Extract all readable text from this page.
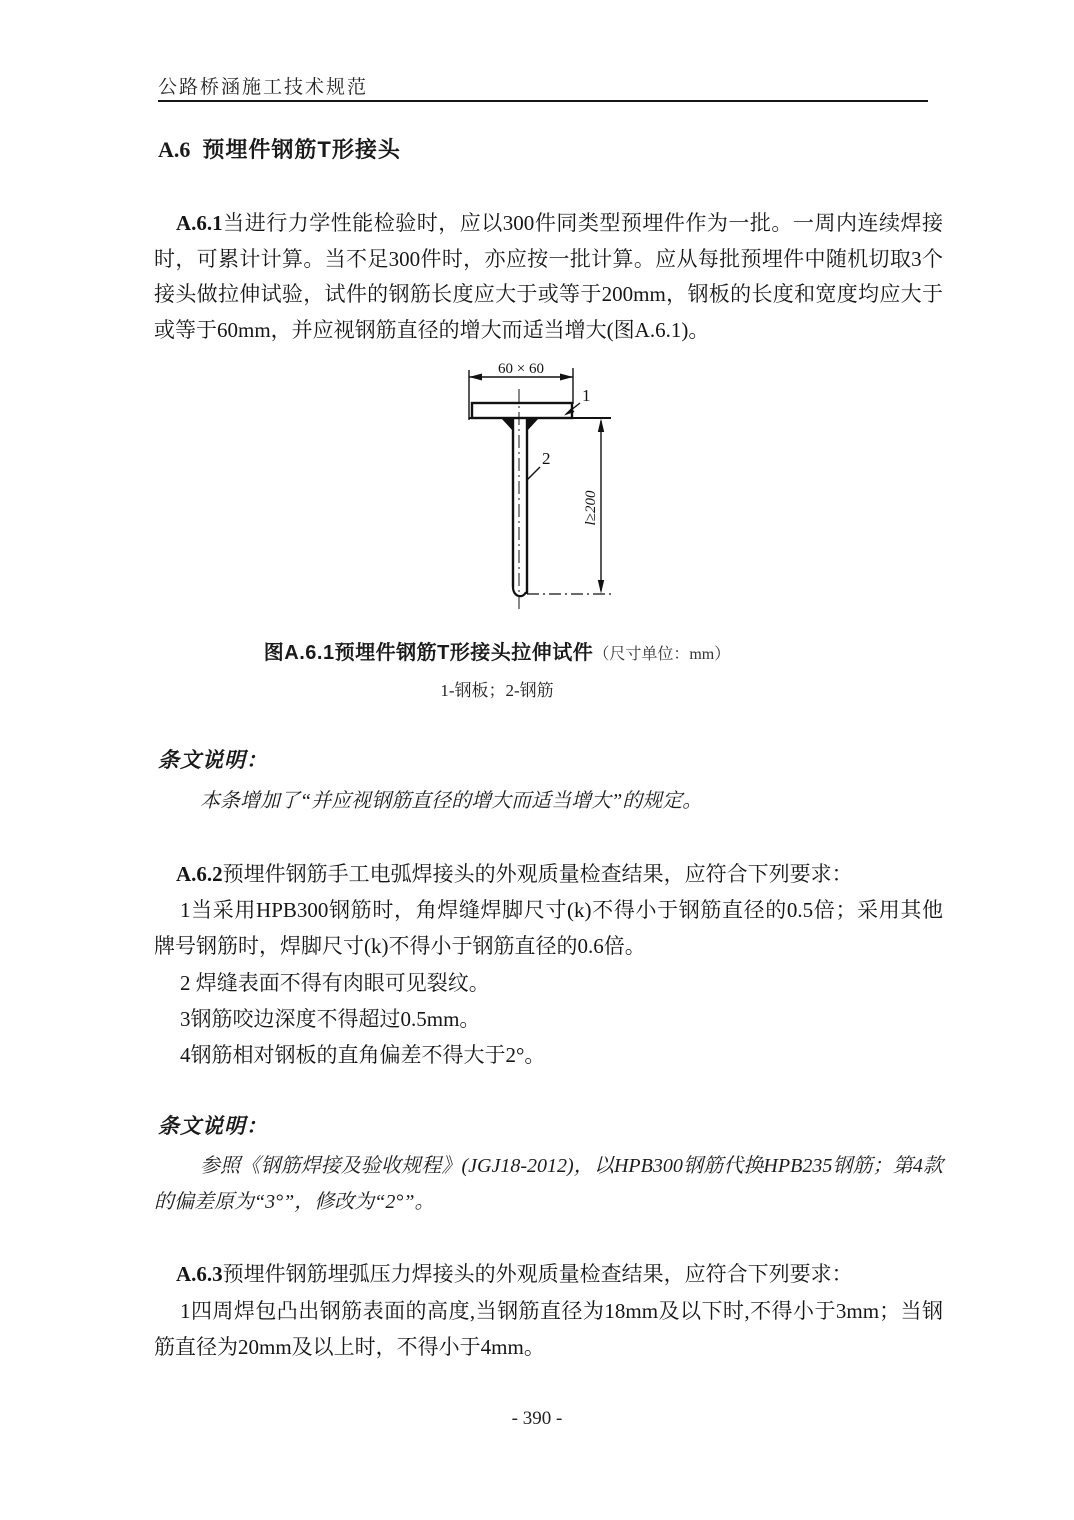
公路桥涵施工技术规范
A.6 预埋件钢筋T形接头
A.6.1当进行力学性能检验时，应以300件同类型预埋件作为一批。一周内连续焊接时，可累计计算。当不足300件时，亦应按一批计算。应从每批预埋件中随机切取3个接头做拉伸试验，试件的钢筋长度应大于或等于200mm，钢板的长度和宽度均应大于或等于60mm，并应视钢筋直径的增大而适当增大(图A.6.1)。
60 × 60
l≥200
1
2
图A.6.1预埋件钢筋T形接头拉伸试件（尺寸单位：mm）
1-钢板；2-钢筋
条文说明：
本条增加了“并应视钢筋直径的增大而适当增大”的规定。
A.6.2预埋件钢筋手工电弧焊接头的外观质量检查结果，应符合下列要求：
1当采用HPB300钢筋时，角焊缝焊脚尺寸(k)不得小于钢筋直径的0.5倍；采用其他牌号钢筋时，焊脚尺寸(k)不得小于钢筋直径的0.6倍。
2 焊缝表面不得有肉眼可见裂纹。
3钢筋咬边深度不得超过0.5mm。
4钢筋相对钢板的直角偏差不得大于2°。
条文说明：
参照《钢筋焊接及验收规程》(JGJ18-2012)，以HPB300钢筋代换HPB235钢筋；第4款的偏差原为“3°”，修改为“2°”。
A.6.3预埋件钢筋埋弧压力焊接头的外观质量检查结果，应符合下列要求：
1四周焊包凸出钢筋表面的高度,当钢筋直径为18mm及以下时,不得小于3mm；当钢筋直径为20mm及以上时，不得小于4mm。
- 390 -
